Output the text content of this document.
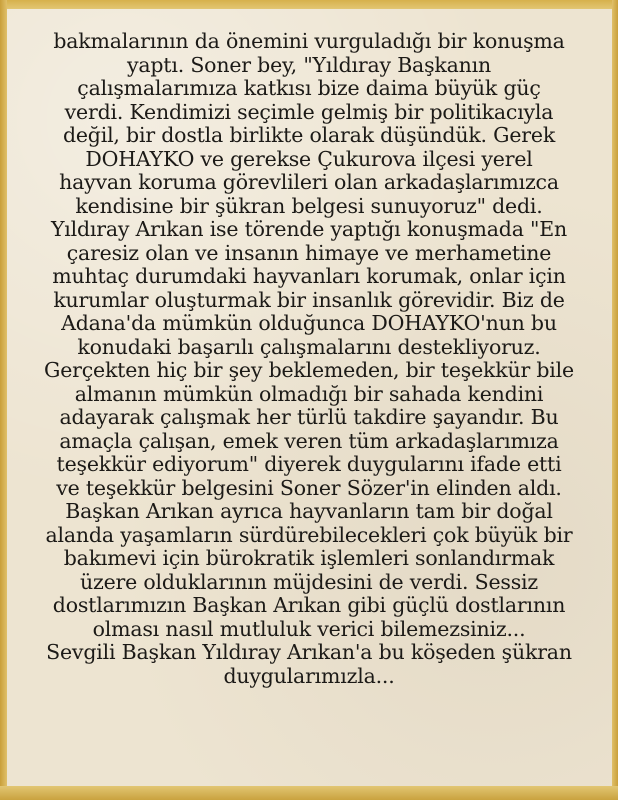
bakmalarının da önemini vurguladığı bir konuşma
yaptı. Soner bey, "Yıldıray Başkanın
çalışmalarımıza katkısı bize daima büyük güç
verdi. Kendimizi seçimle gelmiş bir politikacıyla
değil, bir dostla birlikte olarak düşündük. Gerek
DOHAYKO ve gerekse Çukurova ilçesi yerel
hayvan koruma görevlileri olan arkadaşlarımızca
kendisine bir şükran belgesi sunuyoruz" dedi.
Yıldıray Arıkan ise törende yaptığı konuşmada "En
çaresiz olan ve insanın himaye ve merhametine
muhtaç durumdaki hayvanları korumak, onlar için
kurumlar oluşturmak bir insanlık görevidir. Biz de
Adana'da mümkün olduğunca DOHAYKO'nun bu
konudaki başarılı çalışmalarını destekliyoruz.
Gerçekten hiç bir şey beklemeden, bir teşekkür bile
almanın mümkün olmadığı bir sahada kendini
adayarak çalışmak her türlü takdire şayandır. Bu
amaçla çalışan, emek veren tüm arkadaşlarımıza
teşekkür ediyorum" diyerek duygularını ifade etti
ve teşekkür belgesini Soner Sözer'in elinden aldı.
Başkan Arıkan ayrıca hayvanların tam bir doğal
alanda yaşamların sürdürebilecekleri çok büyük bir
bakımevi için bürokratik işlemleri sonlandırmak
üzere olduklarının müjdesini de verdi. Sessiz
dostlarımızın Başkan Arıkan gibi güçlü dostlarının
olması nasıl mutluluk verici bilemezsiniz...
Sevgili Başkan Yıldıray Arıkan'a bu köşeden şükran
duygularımızla...
